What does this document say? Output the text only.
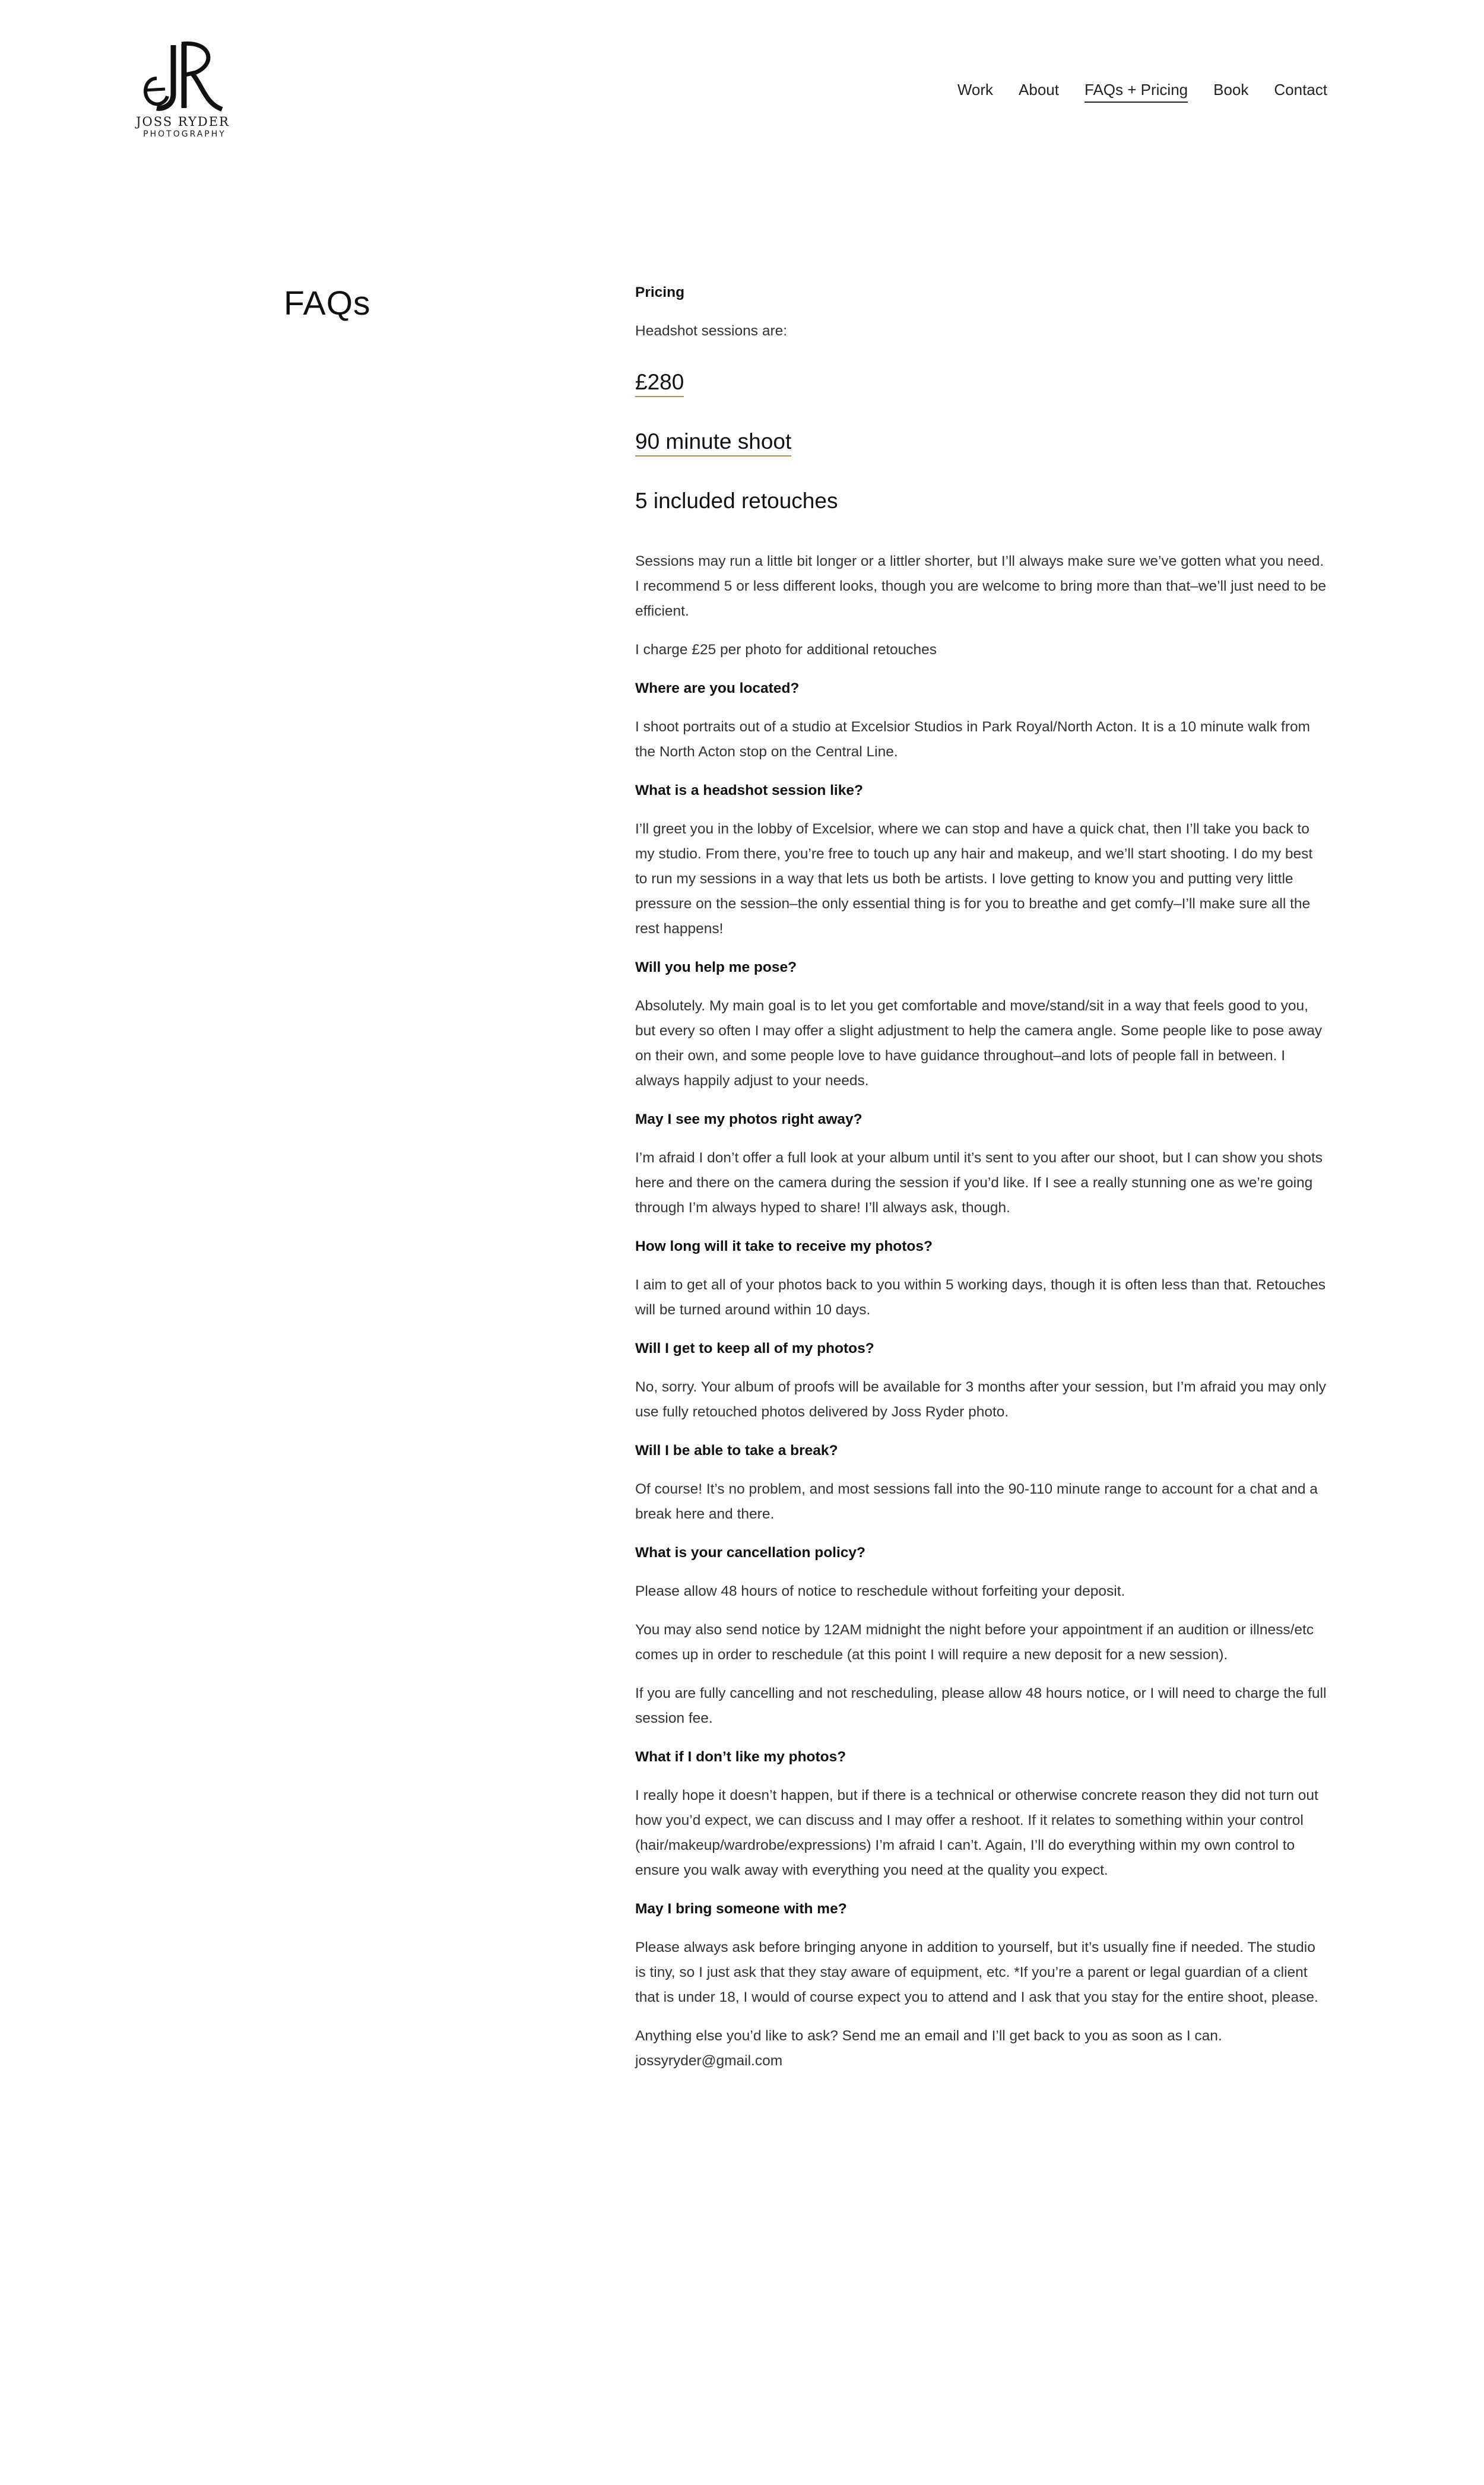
JOSS RYDER
PHOTOGRAPHY
Work About FAQs + Pricing Book Contact
FAQs	Pricing

Headshot sessions are:

£280
90 minute shoot
5 included retouches

Sessions may run a little bit longer or a littler shorter, but I’ll always make sure we’ve gotten what you need. I recommend 5 or less different looks, though you are welcome to bring more than that–we’ll just need to be efficient.

I charge £25 per photo for additional retouches

Where are you located?

I shoot portraits out of a studio at Excelsior Studios in Park Royal/North Acton. It is a 10 minute walk from the North Acton stop on the Central Line.

What is a headshot session like?

I’ll greet you in the lobby of Excelsior, where we can stop and have a quick chat, then I’ll take you back to my studio. From there, you’re free to touch up any hair and makeup, and we’ll start shooting. I do my best to run my sessions in a way that lets us both be artists. I love getting to know you and putting very little pressure on the session–the only essential thing is for you to breathe and get comfy–I’ll make sure all the rest happens!

Will you help me pose?

Absolutely. My main goal is to let you get comfortable and move/stand/sit in a way that feels good to you, but every so often I may offer a slight adjustment to help the camera angle. Some people like to pose away on their own, and some people love to have guidance throughout–and lots of people fall in between. I always happily adjust to your needs.

May I see my photos right away?

I’m afraid I don’t offer a full look at your album until it’s sent to you after our shoot, but I can show you shots here and there on the camera during the session if you’d like. If I see a really stunning one as we’re going through I’m always hyped to share! I’ll always ask, though.

How long will it take to receive my photos?

I aim to get all of your photos back to you within 5 working days, though it is often less than that. Retouches will be turned around within 10 days.

Will I get to keep all of my photos?

No, sorry. Your album of proofs will be available for 3 months after your session, but I’m afraid you may only use fully retouched photos delivered by Joss Ryder photo.

Will I be able to take a break?

Of course! It’s no problem, and most sessions fall into the 90-110 minute range to account for a chat and a break here and there.

What is your cancellation policy?

Please allow 48 hours of notice to reschedule without forfeiting your deposit.

You may also send notice by 12AM midnight the night before your appointment if an audition or illness/etc comes up in order to reschedule (at this point I will require a new deposit for a new session).

If you are fully cancelling and not rescheduling, please allow 48 hours notice, or I will need to charge the full session fee.

What if I don’t like my photos?

I really hope it doesn’t happen, but if there is a technical or otherwise concrete reason they did not turn out how you’d expect, we can discuss and I may offer a reshoot. If it relates to something within your control (hair/makeup/wardrobe/expressions) I’m afraid I can’t. Again, I’ll do everything within my own control to ensure you walk away with everything you need at the quality you expect.

May I bring someone with me?

Please always ask before bringing anyone in addition to yourself, but it’s usually fine if needed. The studio is tiny, so I just ask that they stay aware of equipment, etc. *If you’re a parent or legal guardian of a client that is under 18, I would of course expect you to attend and I ask that you stay for the entire shoot, please.

Anything else you’d like to ask? Send me an email and I’ll get back to you as soon as I can.
jossyryder@gmail.com
